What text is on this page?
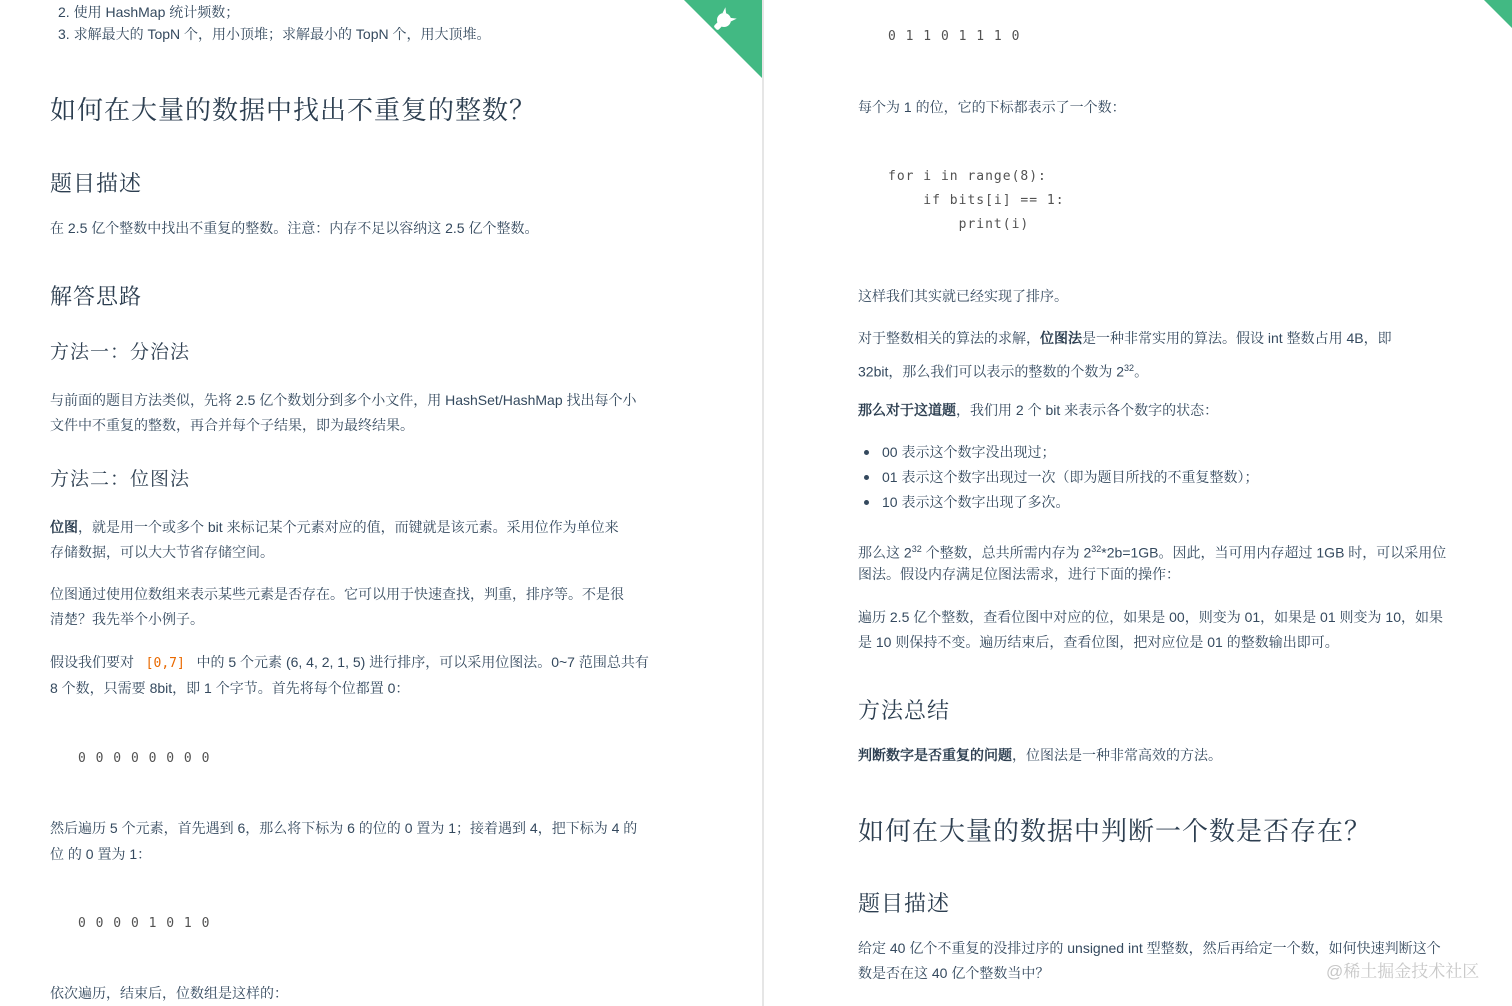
2. 使用 HashMap 统计频数；
3. 求解最大的 TopN 个，用小顶堆；求解最小的 TopN 个，用大顶堆。
如何在大量的数据中找出不重复的整数？
题目描述
在 2.5 亿个整数中找出不重复的整数。注意：内存不足以容纳这 2.5 亿个整数。
解答思路
方法一：分治法
与前面的题目方法类似，先将 2.5 亿个数划分到多个小文件，用 HashSet/HashMap 找出每个小
文件中不重复的整数，再合并每个子结果，即为最终结果。
方法二：位图法
位图，就是用一个或多个 bit 来标记某个元素对应的值，而键就是该元素。采用位作为单位来
存储数据，可以大大节省存储空间。
位图通过使用位数组来表示某些元素是否存在。它可以用于快速查找，判重，排序等。不是很
清楚？我先举个小例子。
假设我们要对 [0,7] 中的 5 个元素 (6, 4, 2, 1, 5) 进行排序，可以采用位图法。0~7 范围总共有
8 个数，只需要 8bit，即 1 个字节。首先将每个位都置 0：
0 0 0 0 0 0 0 0
然后遍历 5 个元素，首先遇到 6，那么将下标为 6 的位的 0 置为 1；接着遇到 4，把下标为 4 的
位 的 0 置为 1：
0 0 0 0 1 0 1 0
依次遍历，结束后，位数组是这样的：
0 1 1 0 1 1 1 0
每个为 1 的位，它的下标都表示了一个数：
for i in range(8):
if bits[i] == 1:
print(i)
这样我们其实就已经实现了排序。
对于整数相关的算法的求解，位图法是一种非常实用的算法。假设 int 整数占用 4B，即
32bit，那么我们可以表示的整数的个数为 $2^{32}$。
那么对于这道题，我们用 2 个 bit 来表示各个数字的状态：
00 表示这个数字没出现过；
01 表示这个数字出现过一次（即为题目所找的不重复整数）；
10 表示这个数字出现了多次。
那么这 $2^{32}$ 个整数，总共所需内存为 $2^{32}*2b=1GB$。因此，当可用内存超过 1GB 时，可以采用位
图法。假设内存满足位图法需求，进行下面的操作：
遍历 2.5 亿个整数，查看位图中对应的位，如果是 00，则变为 01，如果是 01 则变为 10，如果
是 10 则保持不变。遍历结束后，查看位图，把对应位是 01 的整数输出即可。
方法总结
判断数字是否重复的问题，位图法是一种非常高效的方法。
如何在大量的数据中判断一个数是否存在？
题目描述
给定 40 亿个不重复的没排过序的 unsigned int 型整数，然后再给定一个数，如何快速判断这个
数是否在这 40 亿个整数当中？	@稀土掘金技术社区
